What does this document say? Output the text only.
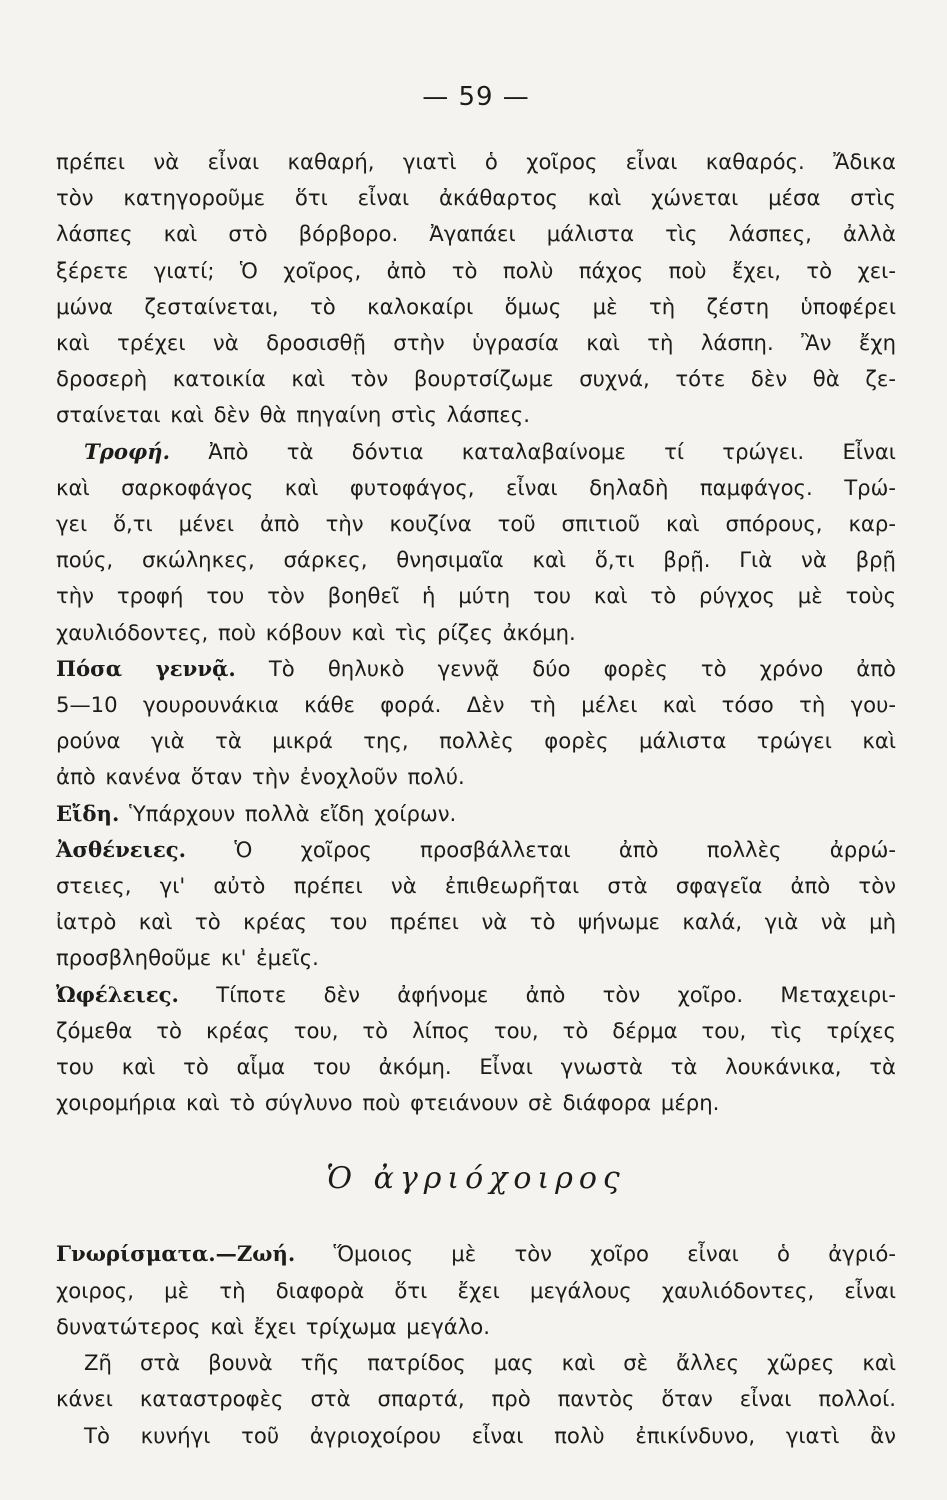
— 59 —

πρέπει νὰ εἶναι καθαρή, γιατὶ ὁ χοῖρος εἶναι καθαρός. Ἄδικα
τὸν κατηγοροῦμε ὅτι εἶναι ἀκάθαρτος καὶ χώνεται μέσα στὶς
λάσπες καὶ στὸ βόρβορο. Ἀγαπάει μάλιστα τὶς λάσπες, ἀλλὰ
ξέρετε γιατί; Ὁ χοῖρος, ἀπὸ τὸ πολὺ πάχος ποὺ ἔχει, τὸ χει-
μώνα ζεσταίνεται, τὸ καλοκαίρι ὅμως μὲ τὴ ζέστη ὑποφέρει
καὶ τρέχει νὰ δροσισθῇ στὴν ὑγρασία καὶ τὴ λάσπη. Ἂν ἔχη
δροσερὴ κατοικία καὶ τὸν βουρτσίζωμε συχνά, τότε δὲν θὰ ζε-
σταίνεται καὶ δὲν θὰ πηγαίνη στὶς λάσπες.

Τροφή. Ἀπὸ τὰ δόντια καταλαβαίνομε τί τρώγει. Εἶναι
καὶ σαρκοφάγος καὶ φυτοφάγος, εἶναι δηλαδὴ παμφάγος. Τρώ-
γει ὅ,τι μένει ἀπὸ τὴν κουζίνα τοῦ σπιτιοῦ καὶ σπόρους, καρ-
πούς, σκώληκες, σάρκες, θνησιμαῖα καὶ ὅ,τι βρῇ. Γιὰ νὰ βρῇ
τὴν τροφή του τὸν βοηθεῖ ἡ μύτη του καὶ τὸ ρύγχος μὲ τοὺς
χαυλιόδοντες, ποὺ κόβουν καὶ τὶς ρίζες ἀκόμη.

Πόσα γεννᾷ. Τὸ θηλυκὸ γεννᾷ δύο φορὲς τὸ χρόνο ἀπὸ
5—10 γουρουνάκια κάθε φορά. Δὲν τὴ μέλει καὶ τόσο τὴ γου-
ρούνα γιὰ τὰ μικρά της, πολλὲς φορὲς μάλιστα τρώγει καὶ
ἀπὸ κανένα ὅταν τὴν ἐνοχλοῦν πολύ.

Εἴδη. Ὑπάρχουν πολλὰ εἴδη χοίρων.

Ἀσθένειες. Ὁ χοῖρος προσβάλλεται ἀπὸ πολλὲς ἀρρώ-
στειες, γι' αὐτὸ πρέπει νὰ ἐπιθεωρῆται στὰ σφαγεῖα ἀπὸ τὸν
ἰατρὸ καὶ τὸ κρέας του πρέπει νὰ τὸ ψήνωμε καλά, γιὰ νὰ μὴ
προσβληθοῦμε κι' ἐμεῖς.

Ὠφέλειες. Τίποτε δὲν ἀφήνομε ἀπὸ τὸν χοῖρο. Μεταχειρι-
ζόμεθα τὸ κρέας του, τὸ λίπος του, τὸ δέρμα του, τὶς τρίχες
του καὶ τὸ αἷμα του ἀκόμη. Εἶναι γνωστὰ τὰ λουκάνικα, τὰ
χοιρομήρια καὶ τὸ σύγλυνο ποὺ φτειάνουν σὲ διάφορα μέρη.

Ὁ ἀγριόχοιρος

Γνωρίσματα.—Ζωή. Ὅμοιος μὲ τὸν χοῖρο εἶναι ὁ ἀγριό-
χοιρος, μὲ τὴ διαφορὰ ὅτι ἔχει μεγάλους χαυλιόδοντες, εἶναι
δυνατώτερος καὶ ἔχει τρίχωμα μεγάλο.

Ζῆ στὰ βουνὰ τῆς πατρίδος μας καὶ σὲ ἄλλες χῶρες καὶ
κάνει καταστροφὲς στὰ σπαρτά, πρὸ παντὸς ὅταν εἶναι πολλοί.
Τὸ κυνήγι τοῦ ἀγριοχοίρου εἶναι πολὺ ἐπικίνδυνο, γιατὶ ἂν
